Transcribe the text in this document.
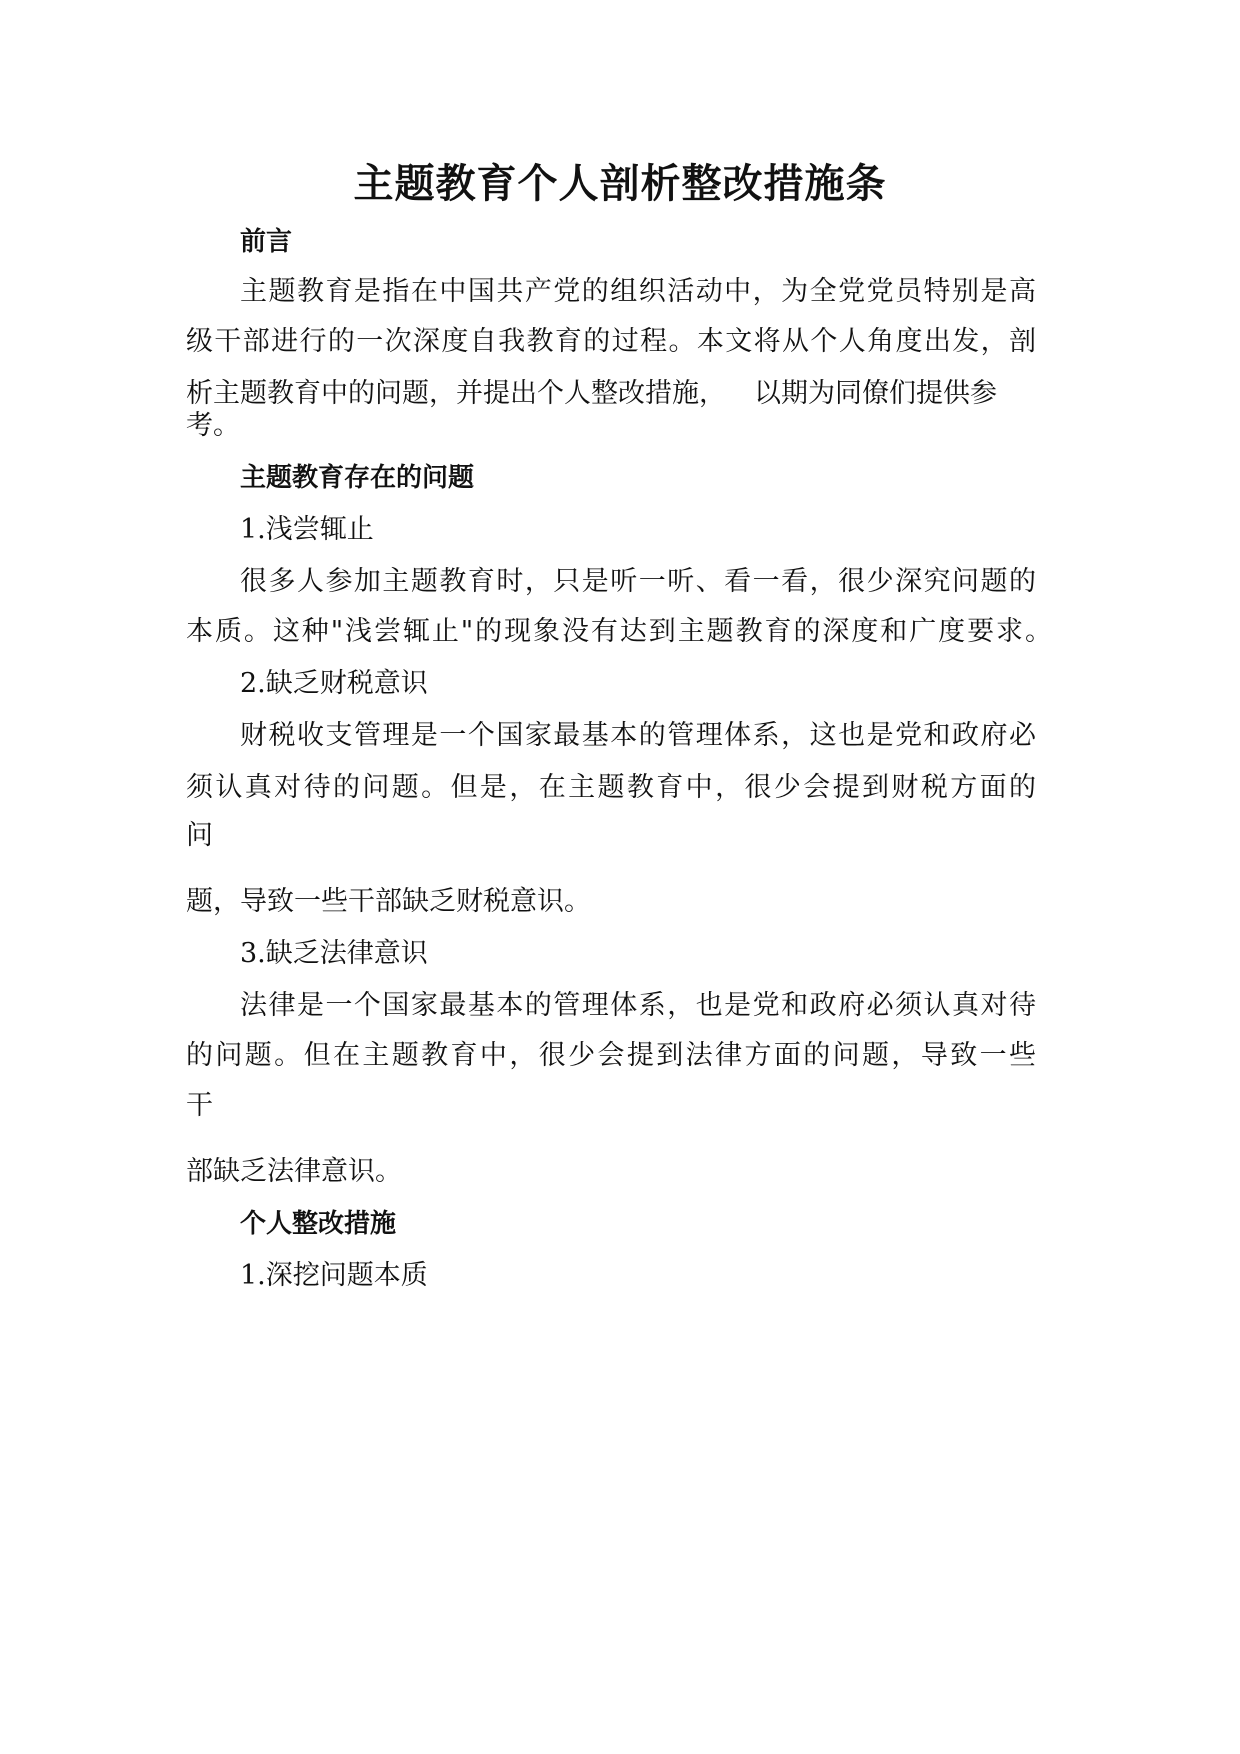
主题教育个人剖析整改措施条
前言
主题教育是指在中国共产党的组织活动中，为全党党员特别是高
级干部进行的一次深度自我教育的过程。本文将从个人角度出发，剖
析主题教育中的问题，并提出个人整改措施， 以期为同僚们提供参
考。
主题教育存在的问题
1.浅尝辄止
很多人参加主题教育时，只是听一听、看一看，很少深究问题的
本质。这种"浅尝辄止"的现象没有达到主题教育的深度和广度要求。
2.缺乏财税意识
财税收支管理是一个国家最基本的管理体系，这也是党和政府必
须认真对待的问题。但是，在主题教育中，很少会提到财税方面的
问
题，导致一些干部缺乏财税意识。
3.缺乏法律意识
法律是一个国家最基本的管理体系，也是党和政府必须认真对待
的问题。但在主题教育中，很少会提到法律方面的问题，导致一些
干
部缺乏法律意识。
个人整改措施
1.深挖问题本质
